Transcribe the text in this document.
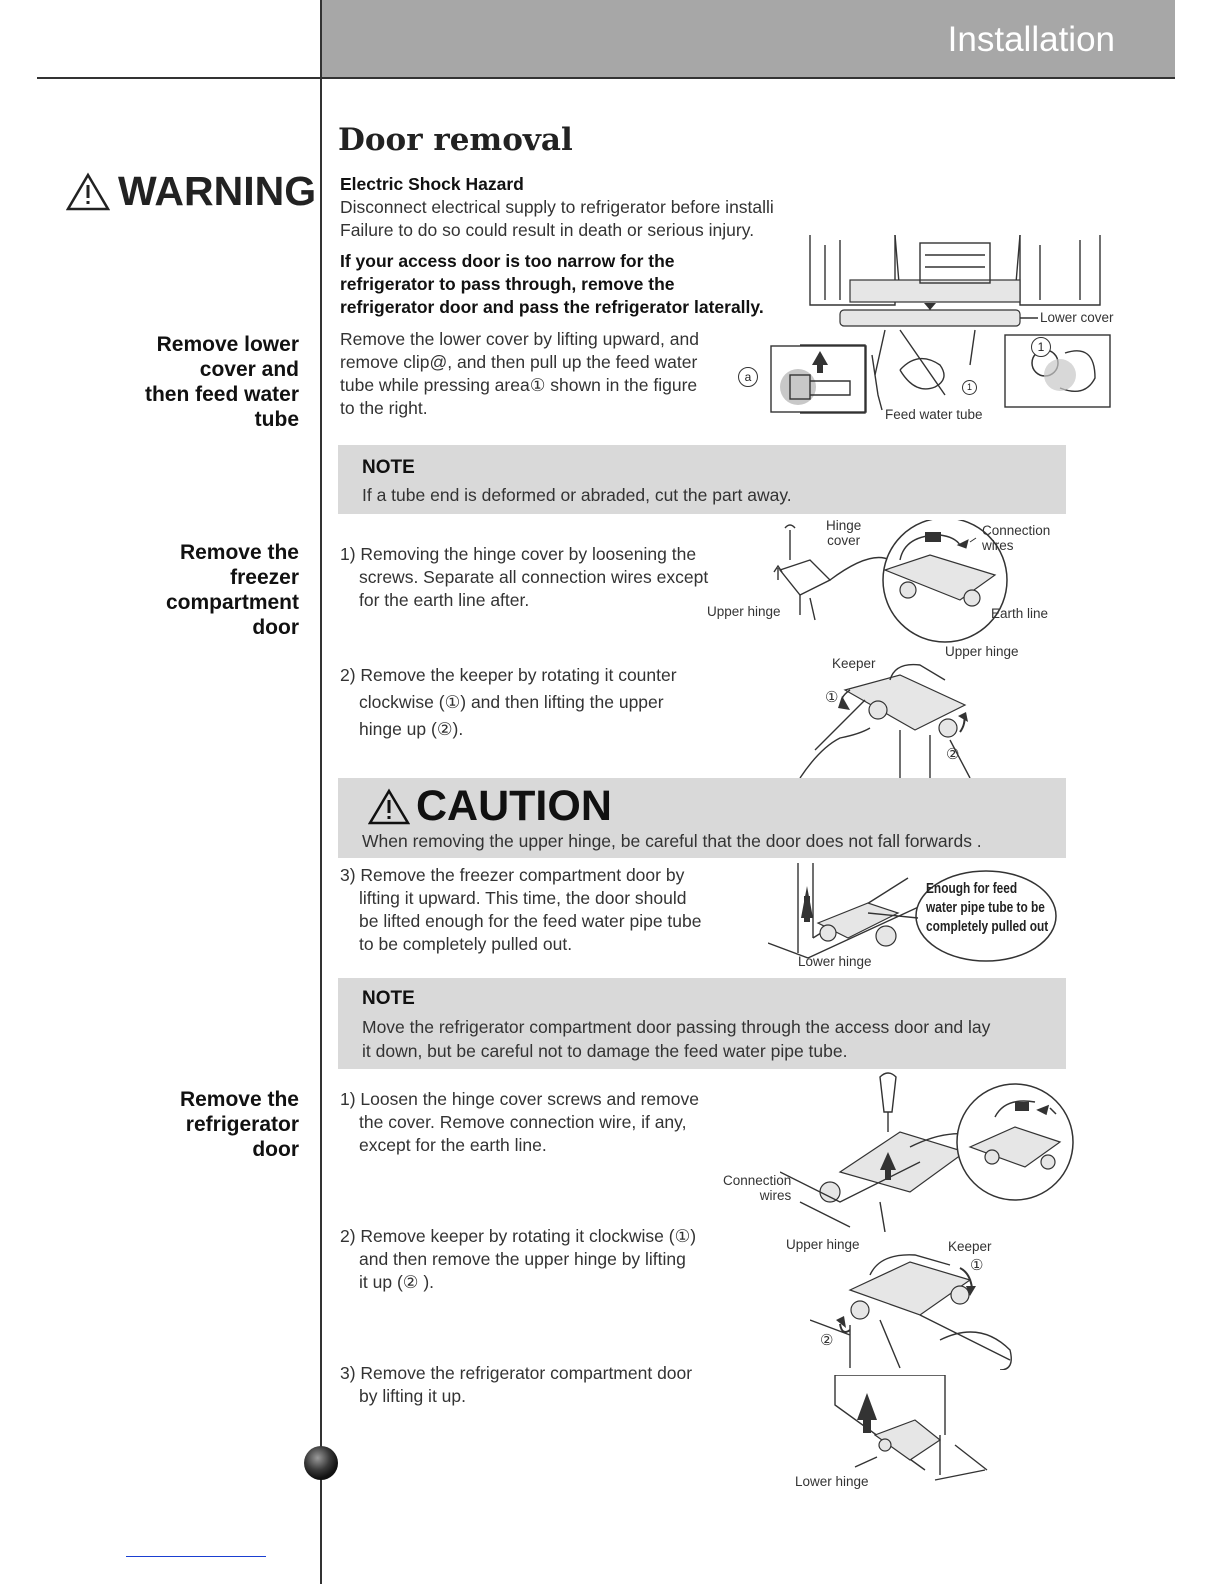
Installation
Door removal
WARNING Electric Shock Hazard
Disconnect electrical supply to refrigerator before installi
Failure to do so could result in death or serious injury.
If your access door is too narrow for the
refrigerator to pass through, remove the
refrigerator door and pass the refrigerator laterally.
Remove lower
cover and
then feed water
tube
Remove the lower cover by lifting upward, and
remove clip@, and then pull up the feed water
tube while pressing area① shown in the figure
to the right.
Lower cover
Feed water tube
a
1
1
NOTE
If a tube end is deformed or abraded, cut the part away.
Remove the
freezer
compartment
door
1) Removing the hinge cover by loosening the
screws. Separate all connection wires except
for the earth line after.
Hinge
cover
Connection
wires
Upper hinge	Earth line
2) Remove the keeper by rotating it counter
clockwise (①) and then lifting the upper
hinge up (②).
Keeper
Upper hinge
①
②
CAUTION
When removing the upper hinge, be careful that the door does not fall forwards .
3) Remove the freezer compartment door by
lifting it upward. This time, the door should
be lifted enough for the feed water pipe tube
to be completely pulled out.
Enough for feed
water pipe tube to be
completely pulled out
Lower hinge
NOTE
Move the refrigerator compartment door passing through the access door and lay
it down, but be careful not to damage the feed water pipe tube.
Remove the
refrigerator
door
1) Loosen the hinge cover screws and remove
the cover. Remove connection wire, if any,
except for the earth line.
Connection
wires
2) Remove keeper by rotating it clockwise (①)
and then remove the upper hinge by lifting
it up (② ).
Upper hinge	Keeper
①
②
3) Remove the refrigerator compartment door
by lifting it up.
Lower hinge
